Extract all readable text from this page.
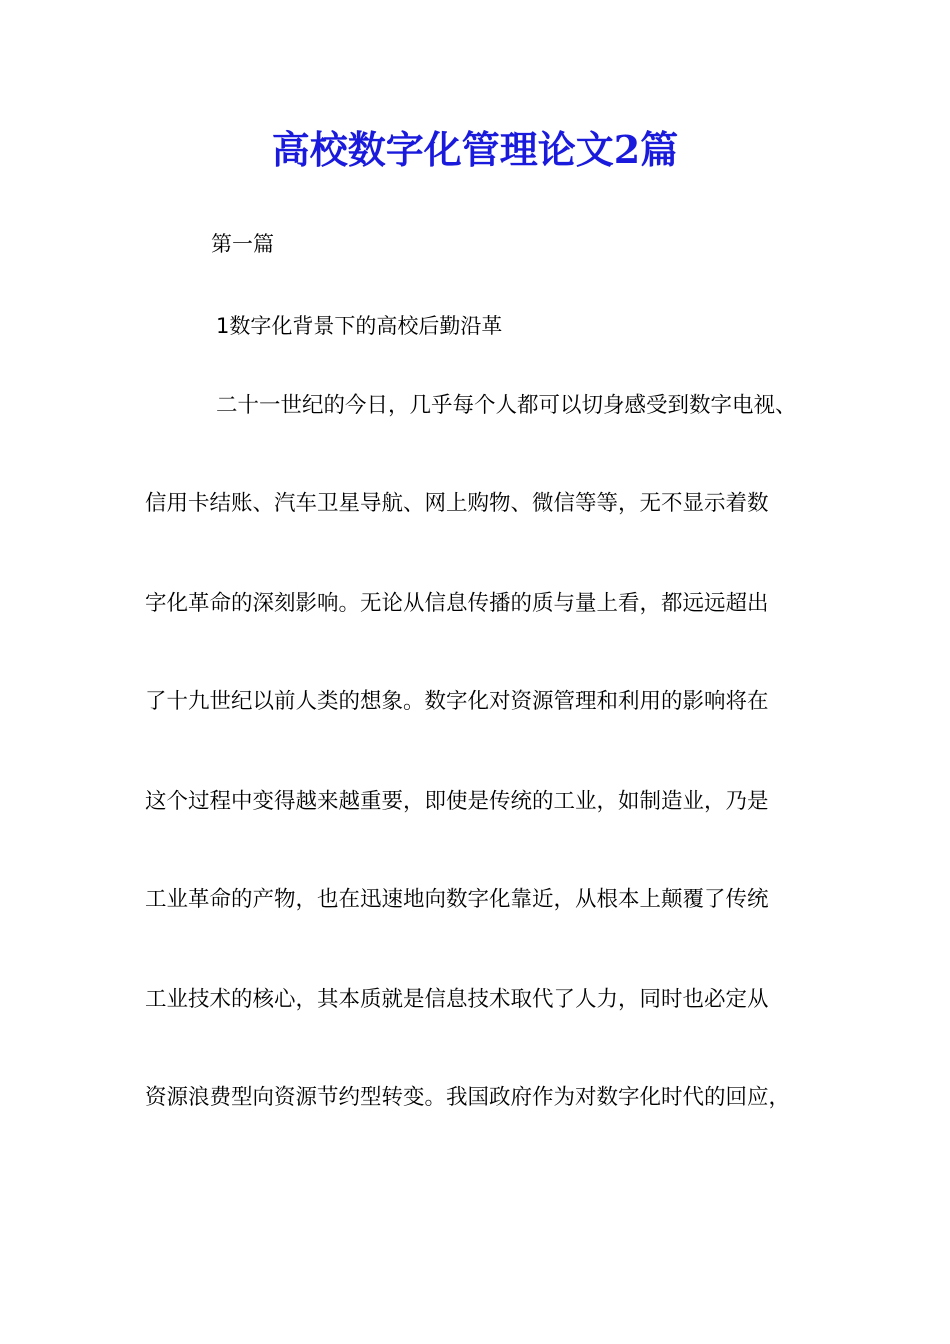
高校数字化管理论文2篇
第一篇
1数字化背景下的高校后勤沿革
二十一世纪的今日，几乎每个人都可以切身感受到数字电视、
信用卡结账、汽车卫星导航、网上购物、微信等等，无不显示着数
字化革命的深刻影响。无论从信息传播的质与量上看，都远远超出
了十九世纪以前人类的想象。数字化对资源管理和利用的影响将在
这个过程中变得越来越重要，即使是传统的工业，如制造业，乃是
工业革命的产物，也在迅速地向数字化靠近，从根本上颠覆了传统
工业技术的核心，其本质就是信息技术取代了人力，同时也必定从
资源浪费型向资源节约型转变。我国政府作为对数字化时代的回应，
